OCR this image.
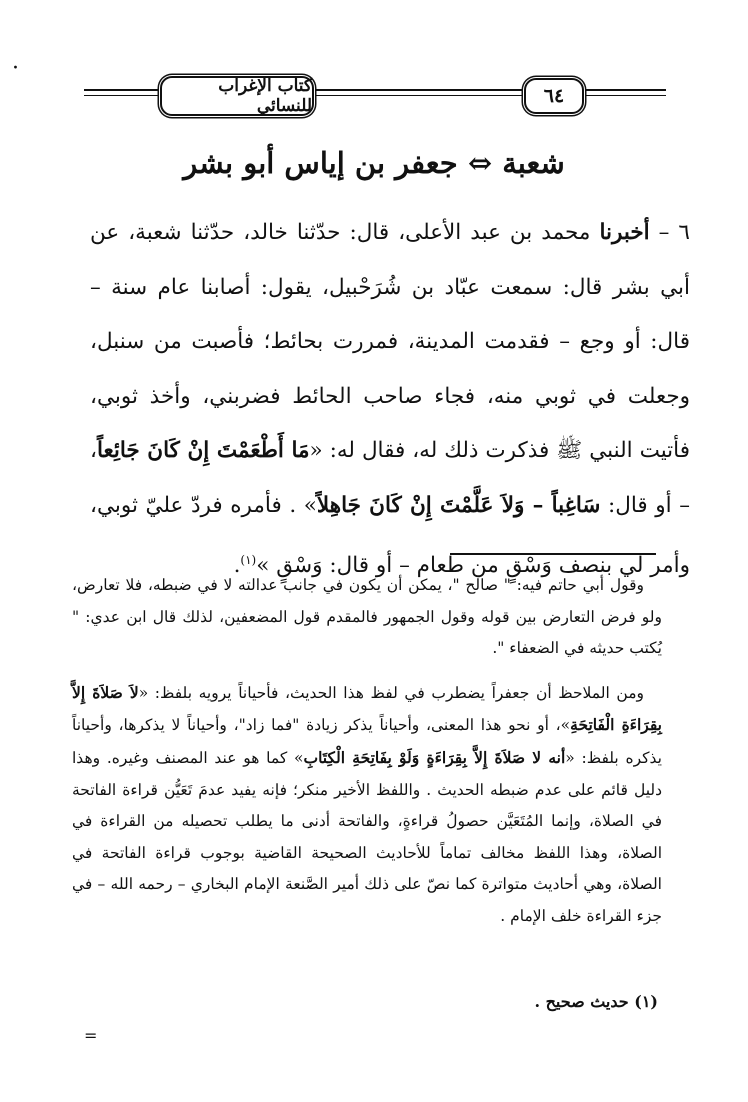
كتاب الإغراب للنسائي	٦٤
·
شعبة ⇔ جعفر بن إياس أبو بشر
٦ – أخبرنا محمد بن عبد الأعلى، قال: حدّثنا خالد، حدّثنا شعبة، عن أبي بشر قال: سمعت عبّاد بن شُرَحْبيل، يقول: أصابنا عام سنة – قال: أو وجع – فقدمت المدينة، فمررت بحائط؛ فأصبت من سنبل، وجعلت في ثوبي منه، فجاء صاحب الحائط فضربني، وأخذ ثوبي، فأتيت النبي ﷺ فذكرت ذلك له، فقال له: «مَا أَطْعَمْتَ إِنْ كَانَ جَائِعاً، – أو قال: سَاغِباً – وَلاَ عَلَّمْتَ إِنْ كَانَ جَاهِلاً» . فأمره فردّ عليّ ثوبي، وأمر لي بنصف وَسْقٍ من طعام – أو قال: وَسْقٍ »$^{(١)}$.

وقول أبي حاتم فيه: " صالح "، يمكن أن يكون في جانب عدالته لا في ضبطه، فلا تعارض، ولو فرض التعارض بين قوله وقول الجمهور فالمقدم قول المضعفين، لذلك قال ابن عدي: " يُكتب حديثه في الضعفاء ".

ومن الملاحظ أن جعفراً يضطرب في لفظ هذا الحديث، فأحياناً يرويه بلفظ: «لاَ صَلاَةَ إِلاَّ بِقِرَاءَةِ الْفَاتِحَةِ»، أو نحو هذا المعنى، وأحياناً يذكر زيادة "فما زاد"، وأحياناً لا يذكرها، وأحياناً يذكره بلفظ: «أنه لا صَلاَةَ إِلاَّ بِقِرَاءَةٍ وَلَوْ بِفَاتِحَةِ الْكِتَابِ» كما هو عند المصنف وغيره. وهذا دليل قائم على عدم ضبطه الحديث . واللفظ الأخير منكر؛ فإنه يفيد عدمَ تَعَيُّن قراءة الفاتحة في الصلاة، وإنما المُتَعَيَّن حصولُ قراءةٍ، والفاتحة أدنى ما يطلب تحصيله من القراءة في الصلاة، وهذا اللفظ مخالف تماماً للأحاديث الصحيحة القاضية بوجوب قراءة الفاتحة في الصلاة، وهي أحاديث متواترة كما نصّ على ذلك أمير الصَّنعة الإمام البخاري – رحمه الله – في جزء القراءة خلف الإمام .

(١) حديث صحيح .
=
